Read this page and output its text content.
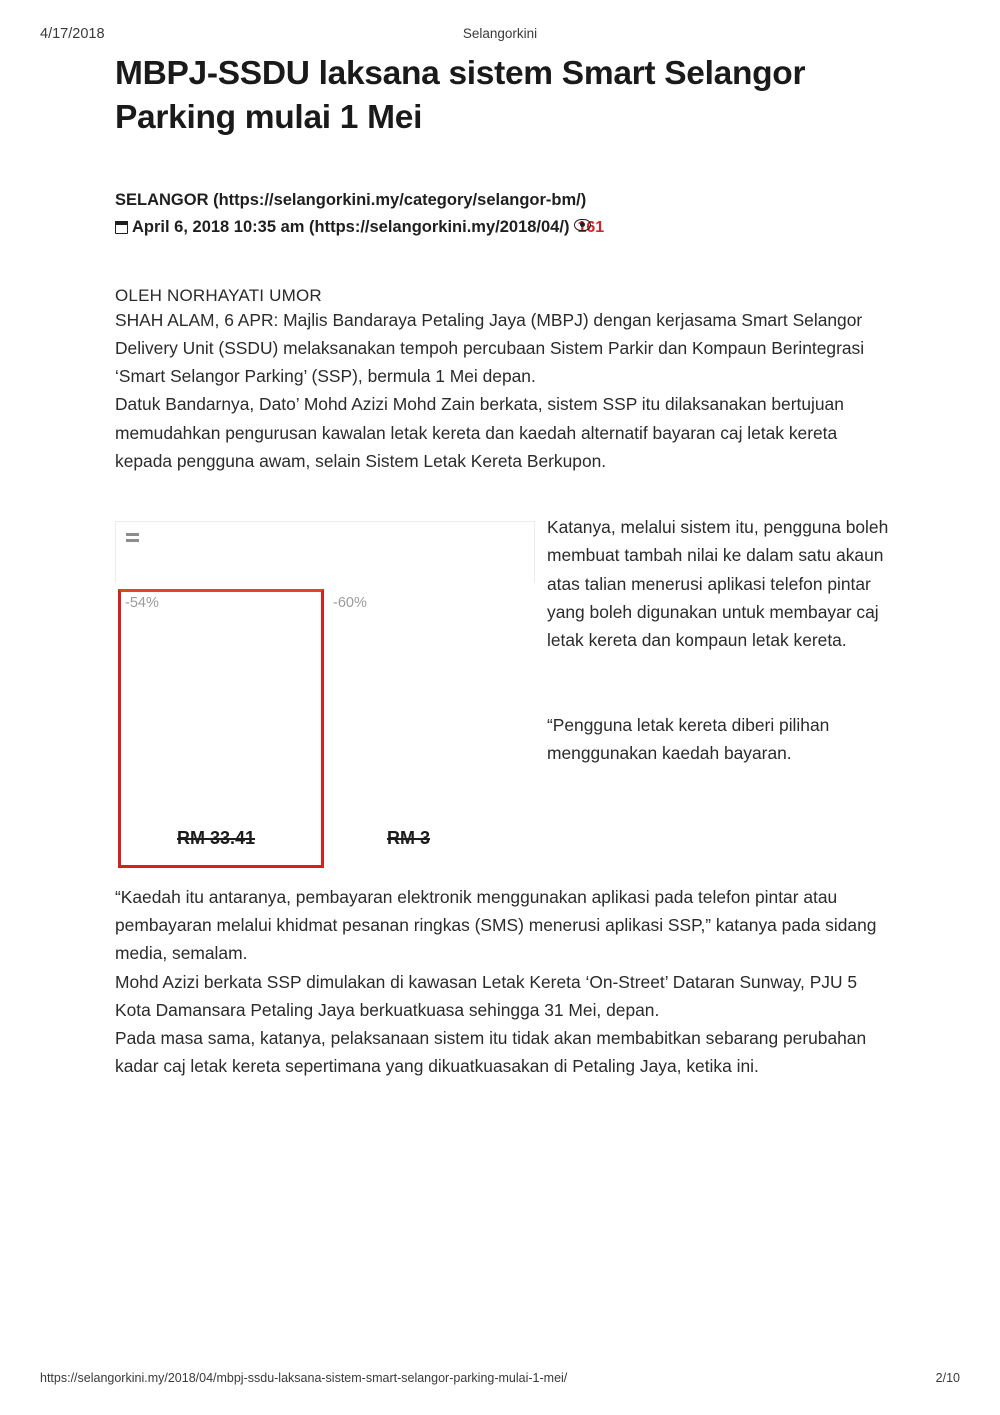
4/17/2018	Selangorkini
MBPJ-SSDU laksana sistem Smart Selangor Parking mulai 1 Mei
SELANGOR (https://selangorkini.my/category/selangor-bm/)
April 6, 2018 10:35 am (https://selangorkini.my/2018/04/) 161
OLEH NORHAYATI UMOR

SHAH ALAM, 6 APR: Majlis Bandaraya Petaling Jaya (MBPJ) dengan kerjasama Smart Selangor Delivery Unit (SSDU) melaksanakan tempoh percubaan Sistem Parkir dan Kompaun Berintegrasi ‘Smart Selangor Parking’ (SSP), bermula 1 Mei depan.

Datuk Bandarnya, Dato’ Mohd Azizi Mohd Zain berkata, sistem SSP itu dilaksanakan bertujuan memudahkan pengurusan kawalan letak kereta dan kaedah alternatif bayaran caj letak kereta kepada pengguna awam, selain Sistem Letak Kereta Berkupon.

-54%	-60%
RM 33.41	RM 3

Katanya, melalui sistem itu, pengguna boleh membuat tambah nilai ke dalam satu akaun atas talian menerusi aplikasi telefon pintar yang boleh digunakan untuk membayar caj letak kereta dan kompaun letak kereta.

“Pengguna letak kereta diberi pilihan menggunakan kaedah bayaran.

“Kaedah itu antaranya, pembayaran elektronik menggunakan aplikasi pada telefon pintar atau pembayaran melalui khidmat pesanan ringkas (SMS) menerusi aplikasi SSP,” katanya pada sidang media, semalam.

Mohd Azizi berkata SSP dimulakan di kawasan Letak Kereta ‘On-Street’ Dataran Sunway, PJU 5 Kota Damansara Petaling Jaya berkuatkuasa sehingga 31 Mei, depan.

Pada masa sama, katanya, pelaksanaan sistem itu tidak akan membabitkan sebarang perubahan kadar caj letak kereta sepertimana yang dikuatkuasakan di Petaling Jaya, ketika ini.

https://selangorkini.my/2018/04/mbpj-ssdu-laksana-sistem-smart-selangor-parking-mulai-1-mei/	2/10
